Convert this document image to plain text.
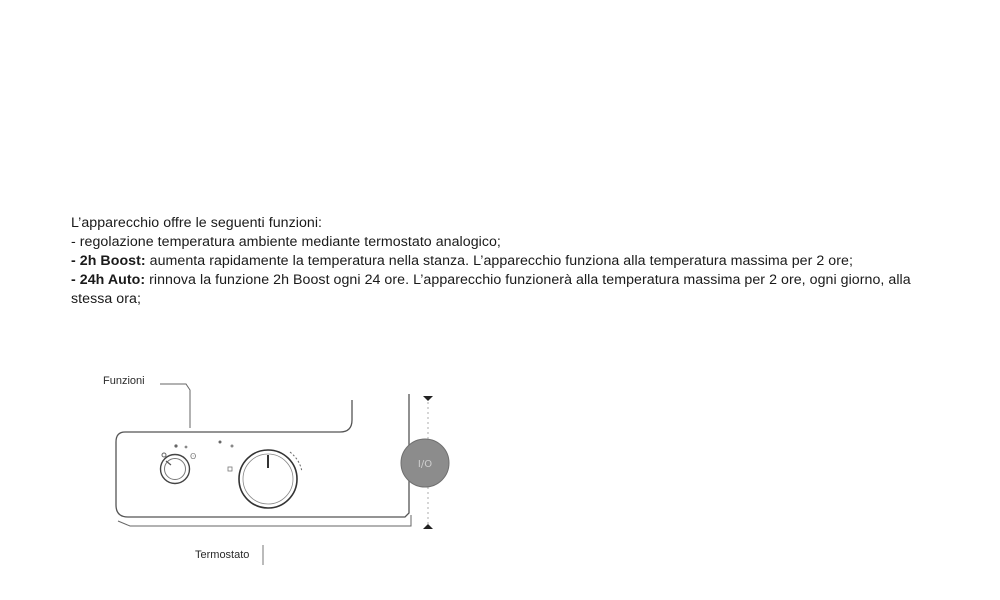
L’apparecchio offre le seguenti funzioni:

- regolazione temperatura ambiente mediante termostato analogico;

- 2h Boost: aumenta rapidamente la temperatura nella stanza. L’apparecchio funziona alla temperatura massima per 2 ore;

- 24h Auto: rinnova la funzione 2h Boost ogni 24 ore. L’apparecchio funzionerà alla temperatura massima per 2 ore, ogni giorno, alla stessa ora;

ʘ
I/O
Funzioni
Termostato
